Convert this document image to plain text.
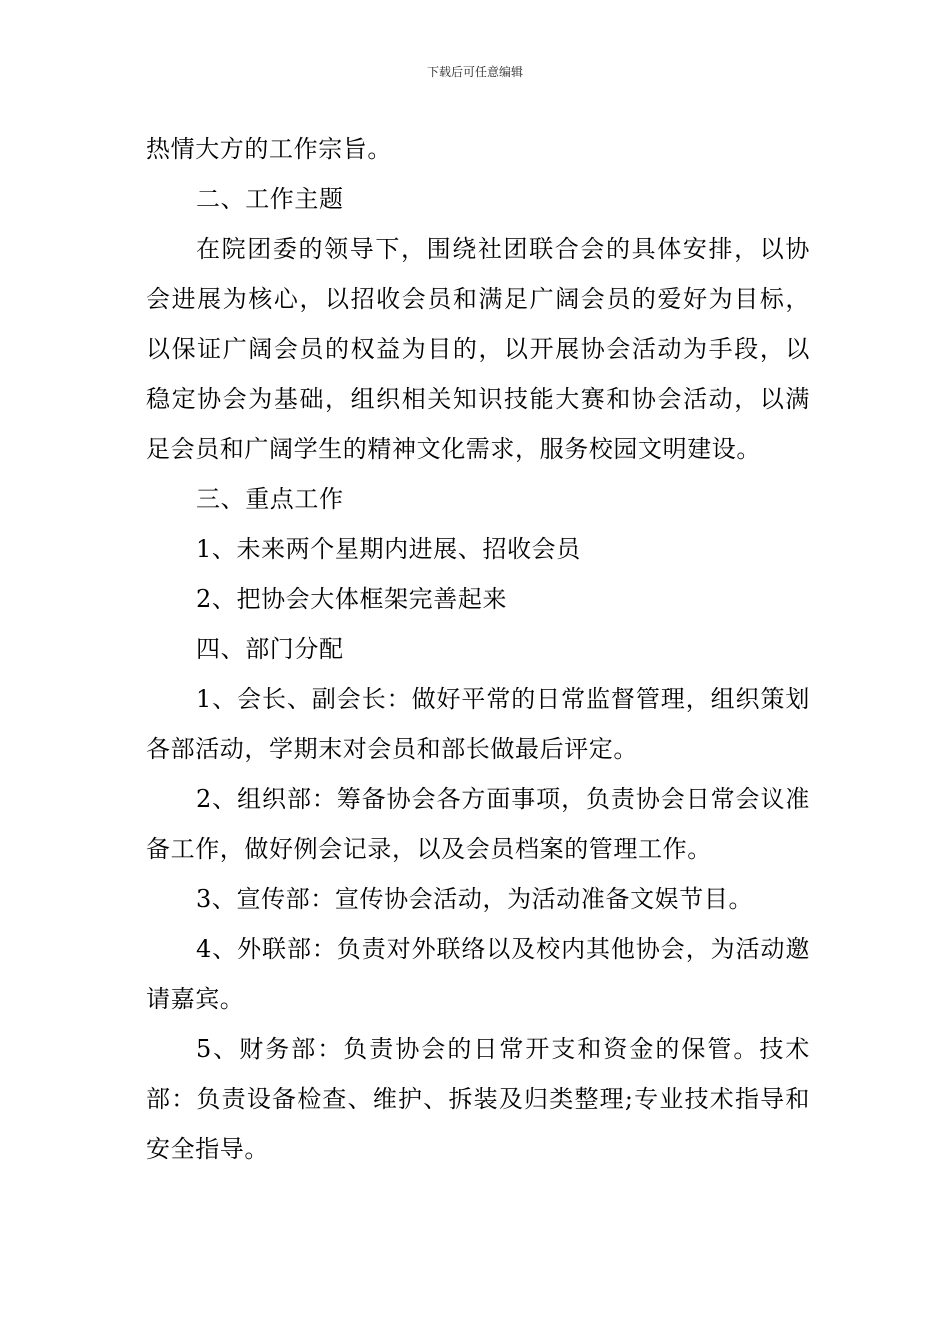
下载后可任意编辑

热情大方的工作宗旨。

二、工作主题

在院团委的领导下，围绕社团联合会的具体安排，以协会进展为核心，以招收会员和满足广阔会员的爱好为目标，以保证广阔会员的权益为目的，以开展协会活动为手段，以稳定协会为基础，组织相关知识技能大赛和协会活动，以满足会员和广阔学生的精神文化需求，服务校园文明建设。

三、重点工作

1、未来两个星期内进展、招收会员

2、把协会大体框架完善起来

四、部门分配

1、会长、副会长：做好平常的日常监督管理，组织策划各部活动，学期末对会员和部长做最后评定。

2、组织部：筹备协会各方面事项，负责协会日常会议准备工作，做好例会记录，以及会员档案的管理工作。

3、宣传部：宣传协会活动，为活动准备文娱节目。

4、外联部：负责对外联络以及校内其他协会，为活动邀请嘉宾。

5、财务部：负责协会的日常开支和资金的保管。技术部：负责设备检查、维护、拆装及归类整理;专业技术指导和安全指导。
